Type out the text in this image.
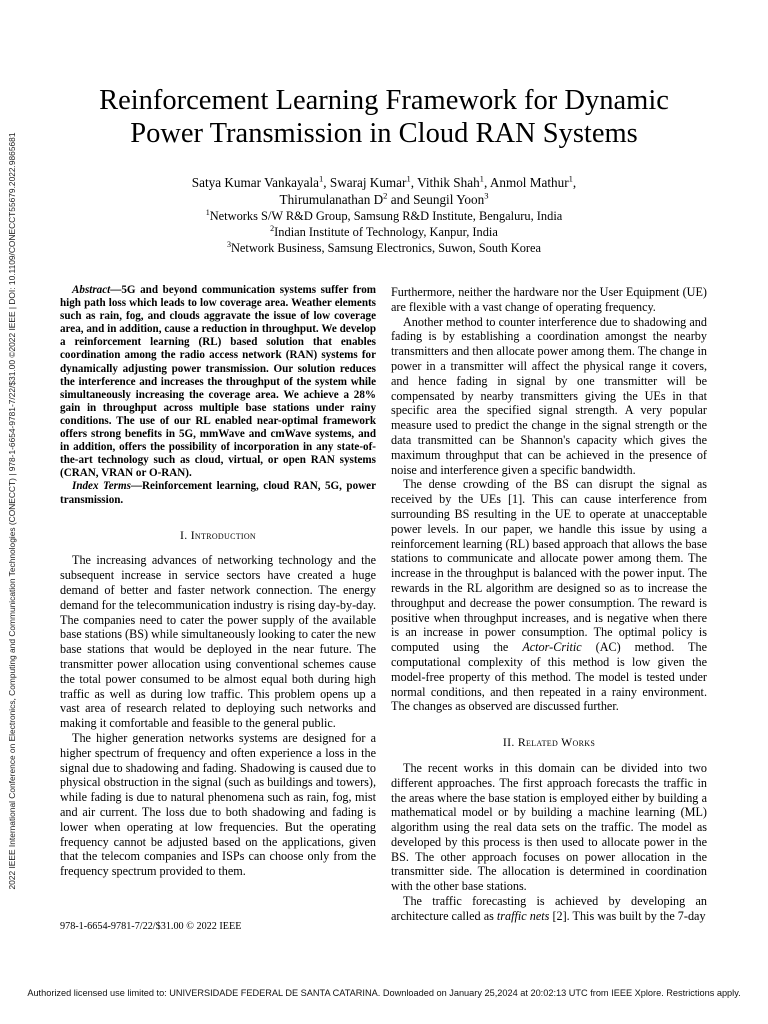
2022 IEEE International Conference on Electronics, Computing and Communication Technologies (CONECCT) | 978-1-6654-9781-7/22/$31.00 ©2022 IEEE | DOI: 10.1109/CONECCT55679.2022.9865681
Reinforcement Learning Framework for Dynamic
Power Transmission in Cloud RAN Systems
Satya Kumar Vankayala$^1$, Swaraj Kumar$^1$, Vithik Shah$^1$, Anmol Mathur$^1$,
Thirumulanathan $D^2$ and Seungil Yoon$^3$
$^1$Networks S/W R&D Group, Samsung R&D Institute, Bengaluru, India
$^2$Indian Institute of Technology, Kanpur, India
$^3$Network Business, Samsung Electronics, Suwon, South Korea

Abstract—5G and beyond communication systems suffer from high path loss which leads to low coverage area. Weather elements such as rain, fog, and clouds aggravate the issue of low coverage area, and in addition, cause a reduction in throughput. We develop a reinforcement learning (RL) based solution that enables coordination among the radio access network (RAN) systems for dynamically adjusting power transmission. Our solution reduces the interference and increases the throughput of the system while simultaneously increasing the coverage area. We achieve a 28% gain in throughput across multiple base stations under rainy conditions. The use of our RL enabled near-optimal framework offers strong benefits in 5G, mmWave and cmWave systems, and in addition, offers the possibility of incorporation in any state-of-the-art technology such as cloud, virtual, or open RAN systems (CRAN, VRAN or O-RAN).

Index Terms—Reinforcement learning, cloud RAN, 5G, power transmission.

I. Introduction

The increasing advances of networking technology and the subsequent increase in service sectors have created a huge demand of better and faster network connection. The energy demand for the telecommunication industry is rising day-by-day. The companies need to cater the power supply of the available base stations (BS) while simultaneously looking to cater the new base stations that would be deployed in the near future. The transmitter power allocation using conventional schemes cause the total power consumed to be almost equal both during high traffic as well as during low traffic. This problem opens up a vast area of research related to deploying such networks and making it comfortable and feasible to the general public.

The higher generation networks systems are designed for a higher spectrum of frequency and often experience a loss in the signal due to shadowing and fading. Shadowing is caused due to physical obstruction in the signal (such as buildings and towers), while fading is due to natural phenomena such as rain, fog, mist and air current. The loss due to both shadowing and fading is lower when operating at low frequencies. But the operating frequency cannot be adjusted based on the applications, given that the telecom companies and ISPs can choose only from the frequency spectrum provided to them.

Furthermore, neither the hardware nor the User Equipment (UE) are flexible with a vast change of operating frequency.

Another method to counter interference due to shadowing and fading is by establishing a coordination amongst the nearby transmitters and then allocate power among them. The change in power in a transmitter will affect the physical range it covers, and hence fading in signal by one transmitter will be compensated by nearby transmitters giving the UEs in that specific area the specified signal strength. A very popular measure used to predict the change in the signal strength or the data transmitted can be Shannon's capacity which gives the maximum throughput that can be achieved in the presence of noise and interference given a specific bandwidth.

The dense crowding of the BS can disrupt the signal as received by the UEs [1]. This can cause interference from surrounding BS resulting in the UE to operate at unacceptable power levels. In our paper, we handle this issue by using a reinforcement learning (RL) based approach that allows the base stations to communicate and allocate power among them. The increase in the throughput is balanced with the power input. The rewards in the RL algorithm are designed so as to increase the throughput and decrease the power consumption. The reward is positive when throughput increases, and is negative when there is an increase in power consumption. The optimal policy is computed using the Actor-Critic (AC) method. The computational complexity of this method is low given the model-free property of this method. The model is tested under normal conditions, and then repeated in a rainy environment. The changes as observed are discussed further.

II. Related Works

The recent works in this domain can be divided into two different approaches. The first approach forecasts the traffic in the areas where the base station is employed either by building a mathematical model or by building a machine learning (ML) algorithm using the real data sets on the traffic. The model as developed by this process is then used to allocate power in the BS. The other approach focuses on power allocation in the transmitter side. The allocation is determined in coordination with the other base stations.

The traffic forecasting is achieved by developing an architecture called as traffic nets [2]. This was built by the 7-day

978-1-6654-9781-7/22/$31.00 © 2022 IEEE
Authorized licensed use limited to: UNIVERSIDADE FEDERAL DE SANTA CATARINA. Downloaded on January 25,2024 at 20:02:13 UTC from IEEE Xplore. Restrictions apply.
